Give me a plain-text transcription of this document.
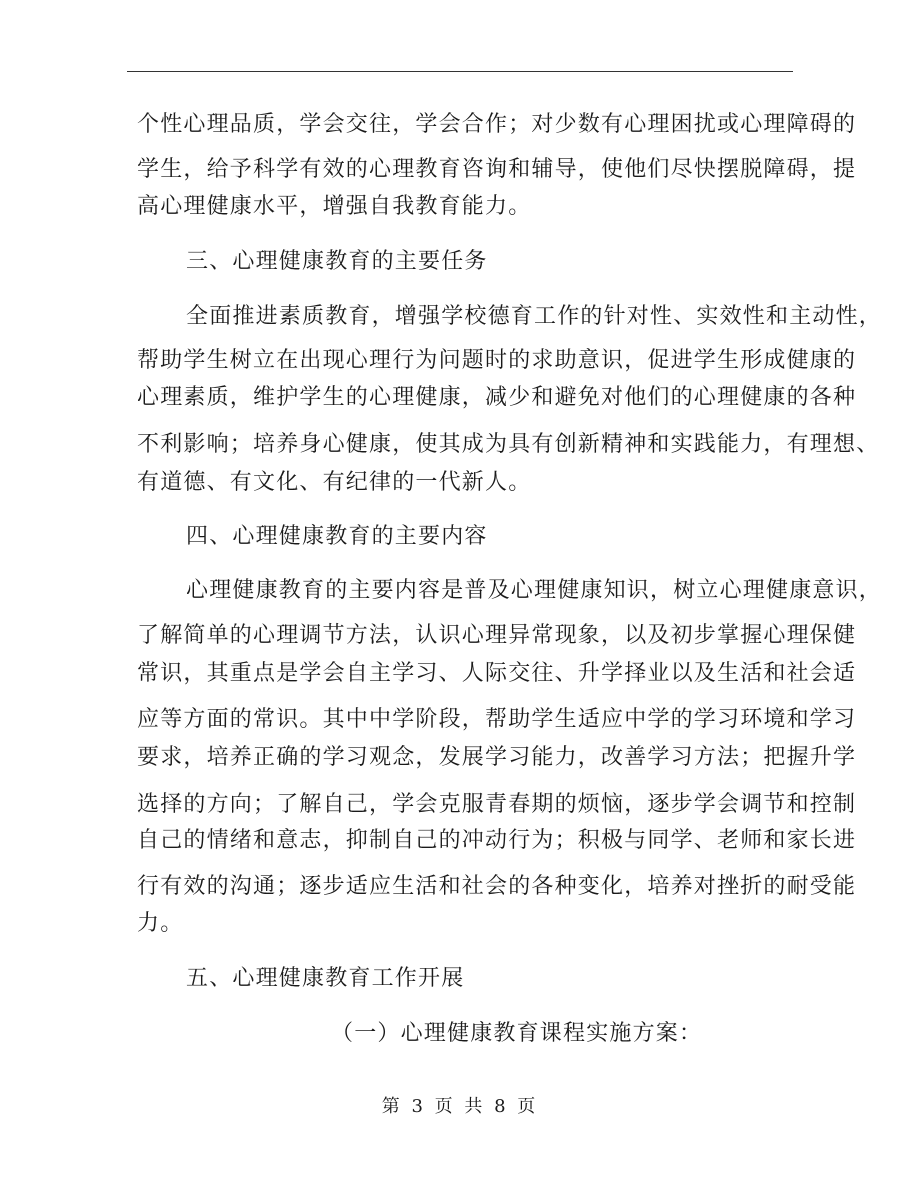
个性心理品质，学会交往，学会合作；对少数有心理困扰或心理障碍的
学生，给予科学有效的心理教育咨询和辅导，使他们尽快摆脱障碍，提
高心理健康水平，增强自我教育能力。
三、心理健康教育的主要任务
全面推进素质教育，增强学校德育工作的针对性、实效性和主动性，
帮助学生树立在出现心理行为问题时的求助意识，促进学生形成健康的
心理素质，维护学生的心理健康，减少和避免对他们的心理健康的各种
不利影响；培养身心健康，使其成为具有创新精神和实践能力，有理想、
有道德、有文化、有纪律的一代新人。
四、心理健康教育的主要内容
心理健康教育的主要内容是普及心理健康知识，树立心理健康意识，
了解简单的心理调节方法，认识心理异常现象，以及初步掌握心理保健
常识，其重点是学会自主学习、人际交往、升学择业以及生活和社会适
应等方面的常识。其中中学阶段，帮助学生适应中学的学习环境和学习
要求，培养正确的学习观念，发展学习能力，改善学习方法；把握升学
选择的方向；了解自己，学会克服青春期的烦恼，逐步学会调节和控制
自己的情绪和意志，抑制自己的冲动行为；积极与同学、老师和家长进
行有效的沟通；逐步适应生活和社会的各种变化，培养对挫折的耐受能
力。
五、心理健康教育工作开展
（一）心理健康教育课程实施方案：
第 3 页 共 8 页
